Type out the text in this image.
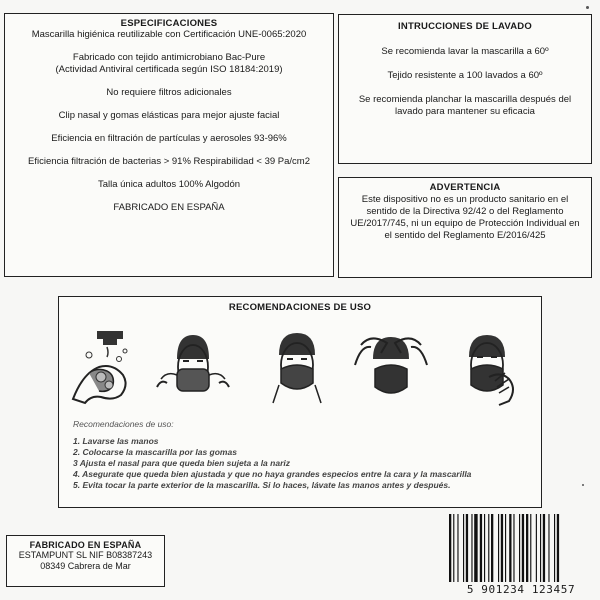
ESPECIFICACIONES
Mascarilla higiénica reutilizable con Certificación UNE-0065:2020
Fabricado con tejido antimicrobiano Bac-Pure
(Actividad Antiviral certificada según ISO 18184:2019)
No requiere filtros adicionales
Clip nasal y gomas elásticas para mejor ajuste facial
Eficiencia en filtración de partículas y aerosoles 93-96%
Eficiencia filtración de bacterias > 91% Respirabilidad < 39 Pa/cm2
Talla única adultos 100% Algodón
FABRICADO EN ESPAÑA
INTRUCCIONES DE LAVADO
Se recomienda lavar la mascarilla a 60º
Tejido resistente a 100 lavados a 60º
Se recomienda planchar la mascarilla después del lavado para mantener su eficacia
ADVERTENCIA
Este dispositivo no es un producto sanitario en el sentido de la Directiva 92/42 o del Reglamento UE/2017/745, ni un equipo de Protección Individual en el sentido del Reglamento E/2016/425
RECOMENDACIONES DE USO
Recomendaciones de uso:
1. Lavarse las manos
2. Colocarse la mascarilla por las gomas
3 Ajusta el nasal para que queda bien sujeta a la nariz
4. Asegurate que queda bien ajustada y que no haya grandes especios entre la cara y la mascarilla
5. Evita tocar la parte exterior de la mascarilla. Si lo haces, lávate las manos antes y después.
FABRICADO EN ESPAÑA
ESTAMPUNT SL NIF B08387243
08349 Cabrera de Mar
5 901234 123457
